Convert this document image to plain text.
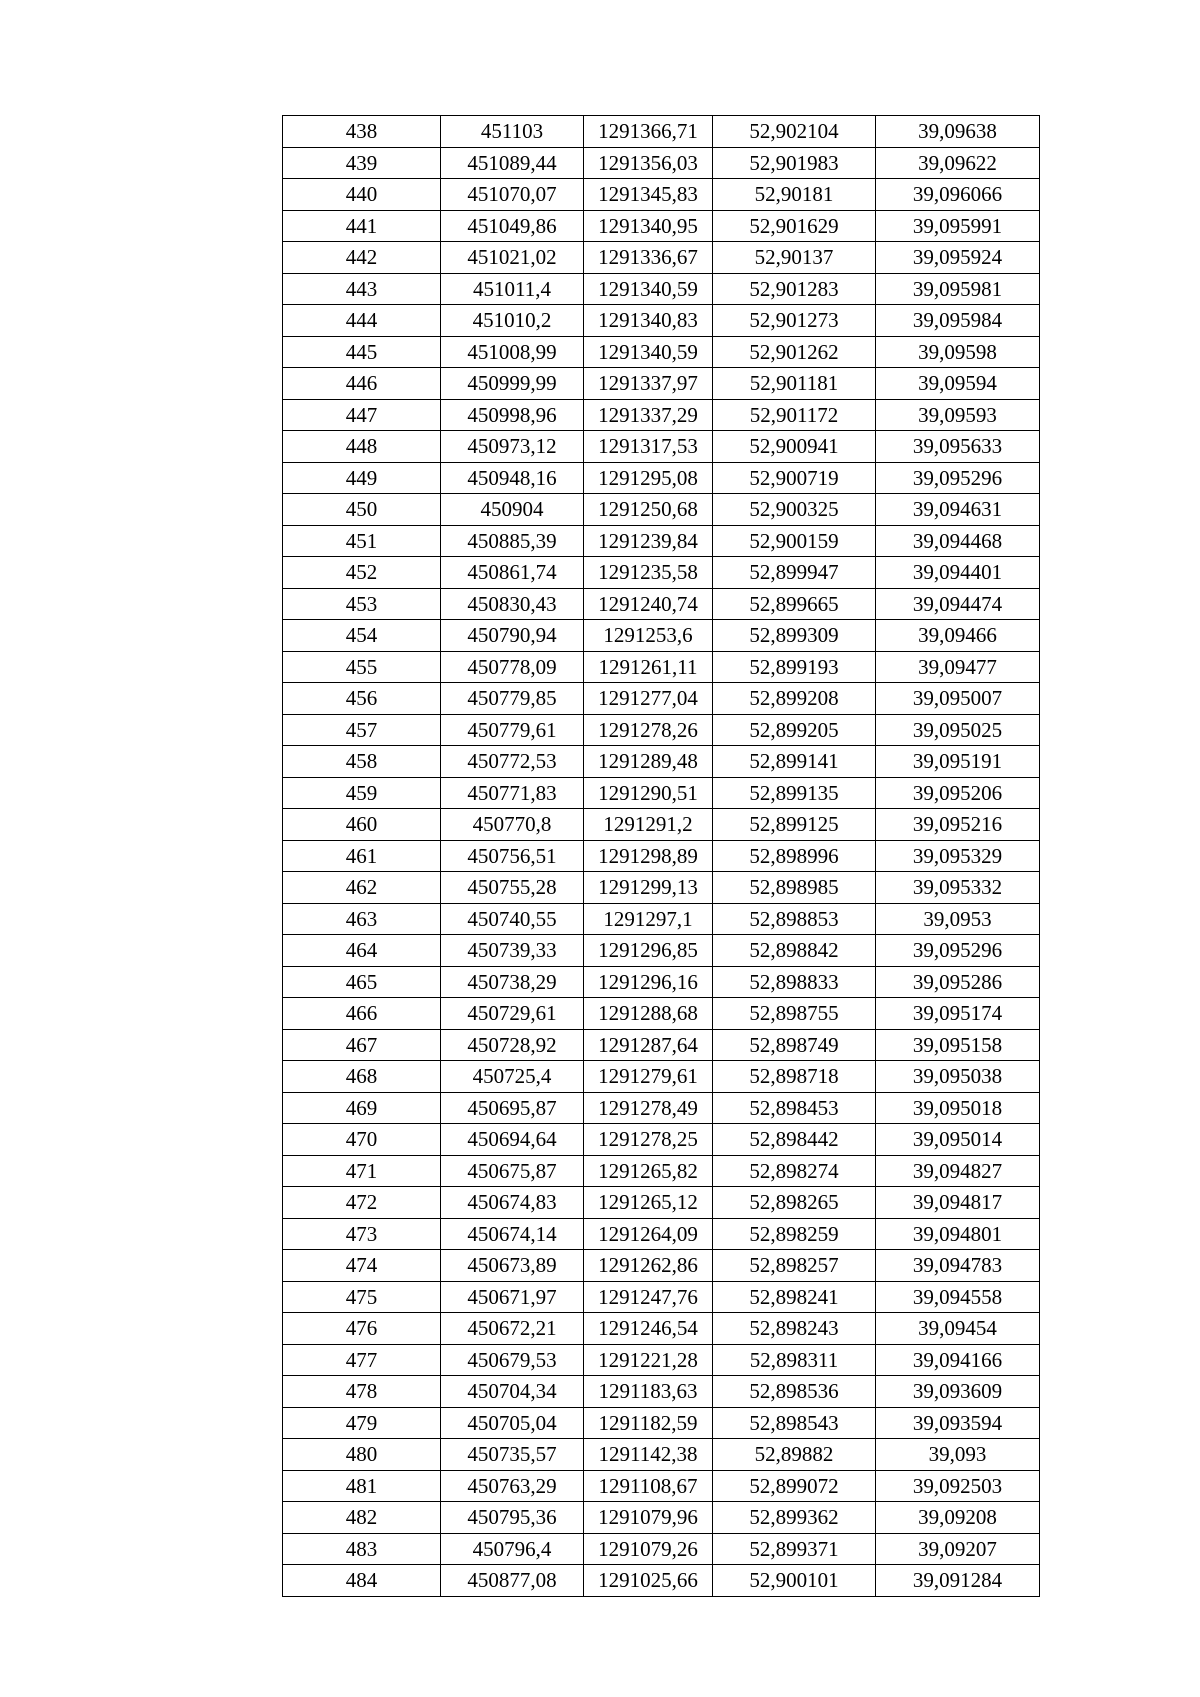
438	451103	1291366,71	52,902104	39,09638
439	451089,44	1291356,03	52,901983	39,09622
440	451070,07	1291345,83	52,90181	39,096066
441	451049,86	1291340,95	52,901629	39,095991
442	451021,02	1291336,67	52,90137	39,095924
443	451011,4	1291340,59	52,901283	39,095981
444	451010,2	1291340,83	52,901273	39,095984
445	451008,99	1291340,59	52,901262	39,09598
446	450999,99	1291337,97	52,901181	39,09594
447	450998,96	1291337,29	52,901172	39,09593
448	450973,12	1291317,53	52,900941	39,095633
449	450948,16	1291295,08	52,900719	39,095296
450	450904	1291250,68	52,900325	39,094631
451	450885,39	1291239,84	52,900159	39,094468
452	450861,74	1291235,58	52,899947	39,094401
453	450830,43	1291240,74	52,899665	39,094474
454	450790,94	1291253,6	52,899309	39,09466
455	450778,09	1291261,11	52,899193	39,09477
456	450779,85	1291277,04	52,899208	39,095007
457	450779,61	1291278,26	52,899205	39,095025
458	450772,53	1291289,48	52,899141	39,095191
459	450771,83	1291290,51	52,899135	39,095206
460	450770,8	1291291,2	52,899125	39,095216
461	450756,51	1291298,89	52,898996	39,095329
462	450755,28	1291299,13	52,898985	39,095332
463	450740,55	1291297,1	52,898853	39,0953
464	450739,33	1291296,85	52,898842	39,095296
465	450738,29	1291296,16	52,898833	39,095286
466	450729,61	1291288,68	52,898755	39,095174
467	450728,92	1291287,64	52,898749	39,095158
468	450725,4	1291279,61	52,898718	39,095038
469	450695,87	1291278,49	52,898453	39,095018
470	450694,64	1291278,25	52,898442	39,095014
471	450675,87	1291265,82	52,898274	39,094827
472	450674,83	1291265,12	52,898265	39,094817
473	450674,14	1291264,09	52,898259	39,094801
474	450673,89	1291262,86	52,898257	39,094783
475	450671,97	1291247,76	52,898241	39,094558
476	450672,21	1291246,54	52,898243	39,09454
477	450679,53	1291221,28	52,898311	39,094166
478	450704,34	1291183,63	52,898536	39,093609
479	450705,04	1291182,59	52,898543	39,093594
480	450735,57	1291142,38	52,89882	39,093
481	450763,29	1291108,67	52,899072	39,092503
482	450795,36	1291079,96	52,899362	39,09208
483	450796,4	1291079,26	52,899371	39,09207
484	450877,08	1291025,66	52,900101	39,091284
